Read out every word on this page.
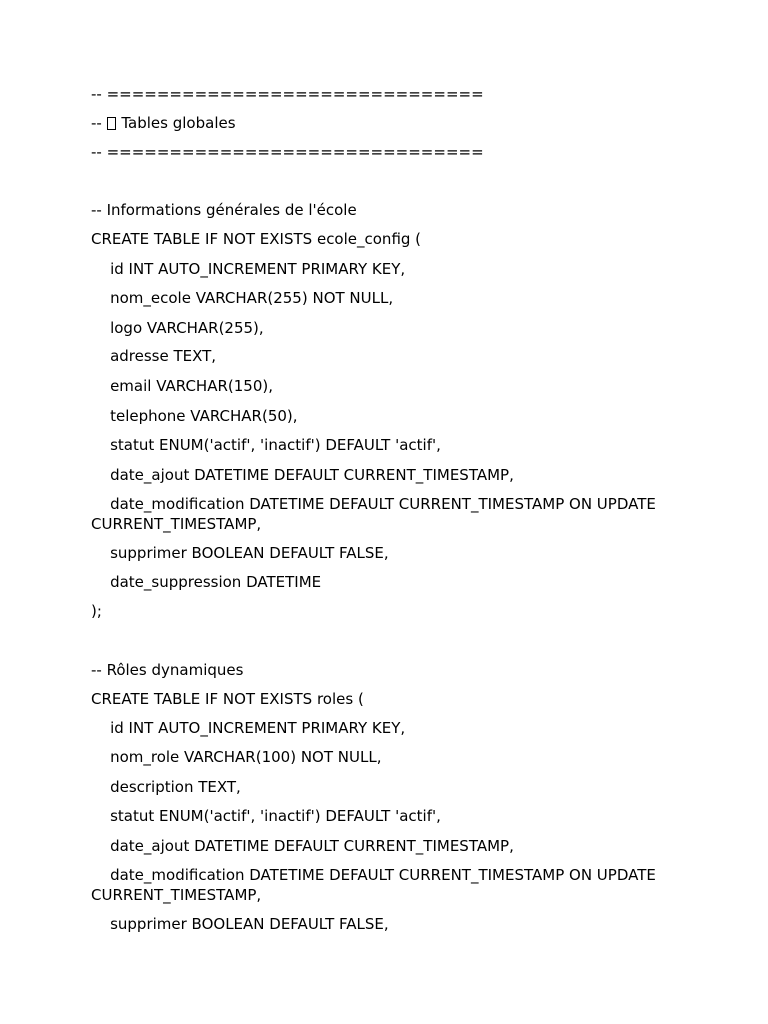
-- ==============================
--  Tables globales
-- ==============================
-- Informations générales de l'école
CREATE TABLE IF NOT EXISTS ecole_config (
id INT AUTO_INCREMENT PRIMARY KEY,
nom_ecole VARCHAR(255) NOT NULL,
logo VARCHAR(255),
adresse TEXT,
email VARCHAR(150),
telephone VARCHAR(50),
statut ENUM('actif', 'inactif') DEFAULT 'actif',
date_ajout DATETIME DEFAULT CURRENT_TIMESTAMP,
date_modification DATETIME DEFAULT CURRENT_TIMESTAMP ON UPDATE CURRENT_TIMESTAMP,
supprimer BOOLEAN DEFAULT FALSE,
date_suppression DATETIME
);
-- Rôles dynamiques
CREATE TABLE IF NOT EXISTS roles (
id INT AUTO_INCREMENT PRIMARY KEY,
nom_role VARCHAR(100) NOT NULL,
description TEXT,
statut ENUM('actif', 'inactif') DEFAULT 'actif',
date_ajout DATETIME DEFAULT CURRENT_TIMESTAMP,
date_modification DATETIME DEFAULT CURRENT_TIMESTAMP ON UPDATE CURRENT_TIMESTAMP,
supprimer BOOLEAN DEFAULT FALSE,
